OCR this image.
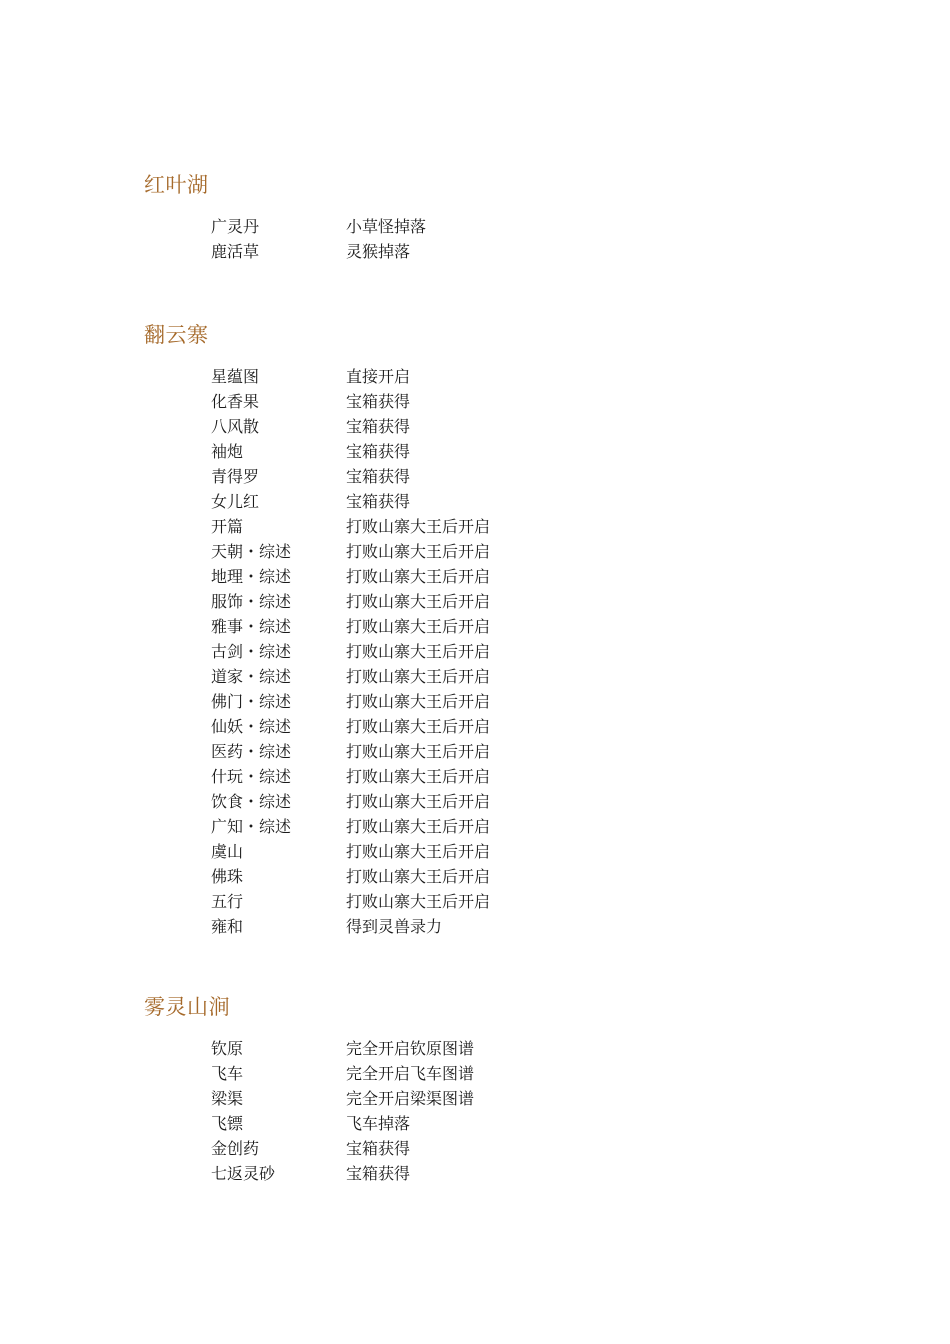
红叶湖
广灵丹	小草怪掉落
鹿活草	灵猴掉落
翻云寨
星蕴图	直接开启
化香果	宝箱获得
八风散	宝箱获得
袖炮	宝箱获得
青得罗	宝箱获得
女儿红	宝箱获得
开篇	打败山寨大王后开启
天朝・综述	打败山寨大王后开启
地理・综述	打败山寨大王后开启
服饰・综述	打败山寨大王后开启
雅事・综述	打败山寨大王后开启
古剑・综述	打败山寨大王后开启
道家・综述	打败山寨大王后开启
佛门・综述	打败山寨大王后开启
仙妖・综述	打败山寨大王后开启
医药・综述	打败山寨大王后开启
什玩・综述	打败山寨大王后开启
饮食・综述	打败山寨大王后开启
广知・综述	打败山寨大王后开启
虞山	打败山寨大王后开启
佛珠	打败山寨大王后开启
五行	打败山寨大王后开启
雍和	得到灵兽录力
雾灵山涧
钦原	完全开启钦原图谱
飞车	完全开启飞车图谱
梁渠	完全开启梁渠图谱
飞镖	飞车掉落
金创药	宝箱获得
七返灵砂	宝箱获得
